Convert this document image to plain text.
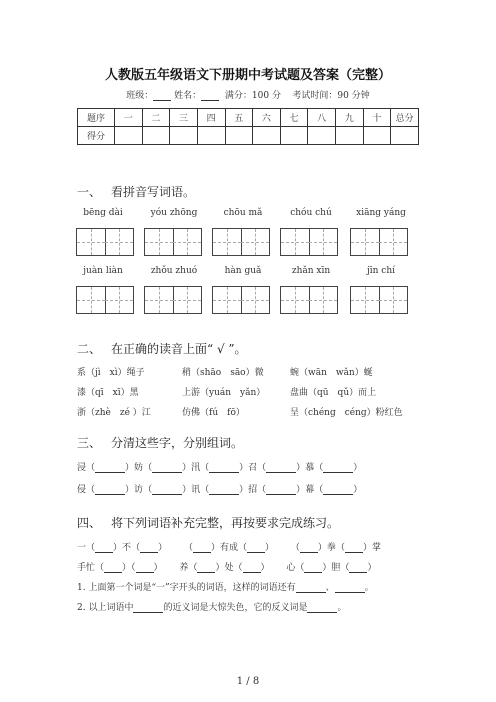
人教版五年级语文下册期中考试题及答案（完整）
班级： 姓名：	满分：100 分 考试时间：90 分钟
题序	一	二	三	四	五	六	七	八	九	十	总分
得分											
一、 看拼音写词语。
bēng dài	yóu zhōng	chōu mǎ	chóu chú	xiāng yáng
juàn liàn	zhǒu zhuó	hàn guǎ	zhǎn xīn	jīn chí
二、 在正确的读音上面“ √ ”。
系（jì　xì）绳子	稍（shāo　sāo）微	蜿（wān　wǎn）蜒
漆（qī　xī）黑	上游（yuán　yǎn）	盘曲（qū　qǔ）而上
浙（zhè　zé ）江	仿佛（fú　fō）	呈（chéng　céng）粉红色
三、 分清这些字，分别组词。
浸（	）妨（	）汛（	）召（	）慕（	）
侵（	）访（	）讯（	）招（	）幕（	）
四、 将下列词语补充完整，再按要求完成练习。
一（ ）不（ ） （ ）有成（ ） （ ）拳（ ）掌
手忙（ ）（ ） 养（ ）处（ ） 心（ ）胆（ ）
1. 上面第一个词是“一”字开头的词语，这样的词语还有	、	。
2. 以上词语中	的近义词是大惊失色，它的反义词是	。
1 / 8
